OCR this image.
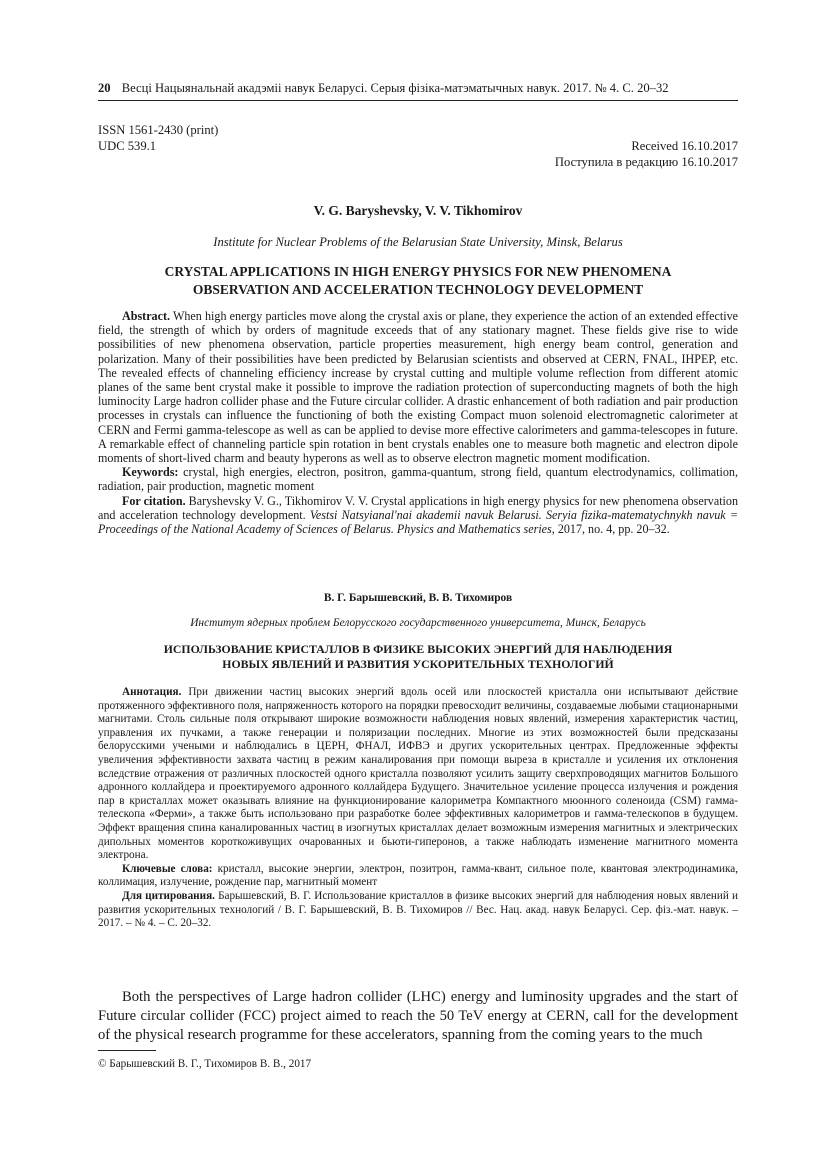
20 Весці Нацыянальнай акадэміі навук Беларусі. Серыя фізіка-матэматычных навук. 2017. № 4. С. 20–32
ISSN 1561-2430 (print)
UDC 539.1	Received 16.10.2017
Поступила в редакцию 16.10.2017
V. G. Baryshevsky, V. V. Tikhomirov
Institute for Nuclear Problems of the Belarusian State University, Minsk, Belarus
CRYSTAL APPLICATIONS IN HIGH ENERGY PHYSICS FOR NEW PHENOMENA
OBSERVATION AND ACCELERATION TECHNOLOGY DEVELOPMENT

Abstract. When high energy particles move along the crystal axis or plane, they experience the action of an extended effective field, the strength of which by orders of magnitude exceeds that of any stationary magnet. These fields give rise to wide possibilities of new phenomena observation, particle properties measurement, high energy beam control, generation and polarization. Many of their possibilities have been predicted by Belarusian scientists and observed at CERN, FNAL, IHPEP, etc. The revealed effects of channeling efficiency increase by crystal cutting and multiple volume reflection from different atomic planes of the same bent crystal make it possible to improve the radiation protection of superconducting magnets of both the high luminocity Large hadron collider phase and the Future circular collider. A drastic enhancement of both radiation and pair production processes in crystals can influence the functioning of both the existing Compact muon solenoid electromagnetic calorimeter at CERN and Fermi gamma-telescope as well as can be applied to devise more effective calorimeters and gamma-telescopes in future. A remarkable effect of channeling particle spin rotation in bent crystals enables one to measure both magnetic and electron dipole moments of short-lived charm and beauty hyperons as well as to observe electron magnetic moment modification.

Keywords: crystal, high energies, electron, positron, gamma-quantum, strong field, quantum electrodynamics, collimation, radiation, pair production, magnetic moment

For citation. Baryshevsky V. G., Tikhomirov V. V. Crystal applications in high energy physics for new phenomena observation and acceleration technology development. Vestsi Natsyianal'nai akademii navuk Belarusi. Seryia fizika-matematychnykh navuk = Proceedings of the National Academy of Sciences of Belarus. Physics and Mathematics series, 2017, no. 4, pp. 20–32.

В. Г. Барышевский, В. В. Тихомиров
Институт ядерных проблем Белорусского государственного университета, Минск, Беларусь
ИСПОЛЬЗОВАНИЕ КРИСТАЛЛОВ В ФИЗИКЕ ВЫСОКИХ ЭНЕРГИЙ ДЛЯ НАБЛЮДЕНИЯ
НОВЫХ ЯВЛЕНИЙ И РАЗВИТИЯ УСКОРИТЕЛЬНЫХ ТЕХНОЛОГИЙ

Аннотация. При движении частиц высоких энергий вдоль осей или плоскостей кристалла они испытывают действие протяженного эффективного поля, напряженность которого на порядки превосходит величины, создаваемые любыми стационарными магнитами. Столь сильные поля открывают широкие возможности наблюдения новых явлений, измерения характеристик частиц, управления их пучками, а также генерации и поляризации последних. Многие из этих возможностей были предсказаны белорусскими учеными и наблюдались в ЦЕРН, ФНАЛ, ИФВЭ и других ускорительных центрах. Предложенные эффекты увеличения эффективности захвата частиц в режим каналирования при помощи выреза в кристалле и усиления их отклонения вследствие отражения от различных плоскостей одного кристалла позволяют усилить защиту сверхпроводящих магнитов Большого адронного коллайдера и проектируемого адронного коллайдера Будущего. Значительное усиление процесса излучения и рождения пар в кристаллах может оказывать влияние на функционирование калориметра Компактного мюонного соленоида (CSM) гамма-телескопа «Ферми», а также быть использовано при разработке более эффективных калориметров и гамма-телескопов в будущем. Эффект вращения спина каналированных частиц в изогнутых кристаллах делает возможным измерения магнитных и электрических дипольных моментов короткоживущих очарованных и бьюти-гиперонов, а также наблюдать изменение магнитного момента электрона.

Ключевые слова: кристалл, высокие энергии, электрон, позитрон, гамма-квант, сильное поле, квантовая электродинамика, коллимация, излучение, рождение пар, магнитный момент

Для цитирования. Барышевский, В. Г. Использование кристаллов в физике высоких энергий для наблюдения новых явлений и развития ускорительных технологий / В. Г. Барышевский, В. В. Тихомиров // Вес. Нац. акад. навук Беларусі. Сер. фіз.-мат. навук. – 2017. – № 4. – С. 20–32.

Both the perspectives of Large hadron collider (LHC) energy and luminosity upgrades and the start of Future circular collider (FCC) project aimed to reach the 50 TeV energy at CERN, call for the development of the physical research programme for these accelerators, spanning from the coming years to the much

© Барышевский В. Г., Тихомиров В. В., 2017
